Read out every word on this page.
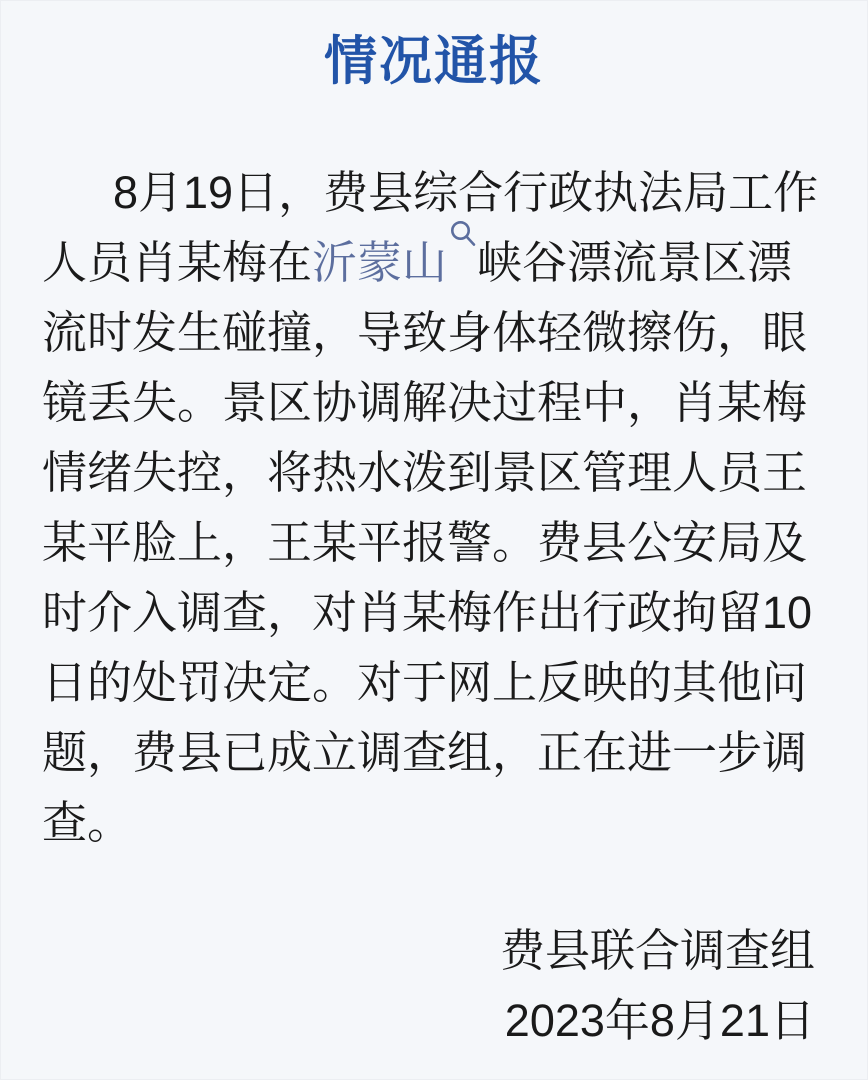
情况通报

8月19日，费县综合行政执法局工作人员肖某梅在沂蒙山 峡谷漂流景区漂流时发生碰撞，导致身体轻微擦伤，眼镜丢失。景区协调解决过程中，肖某梅情绪失控，将热水泼到景区管理人员王某平脸上，王某平报警。费县公安局及时介入调查，对肖某梅作出行政拘留10日的处罚决定。对于网上反映的其他问题，费县已成立调查组，正在进一步调查。

费县联合调查组
2023年8月21日
